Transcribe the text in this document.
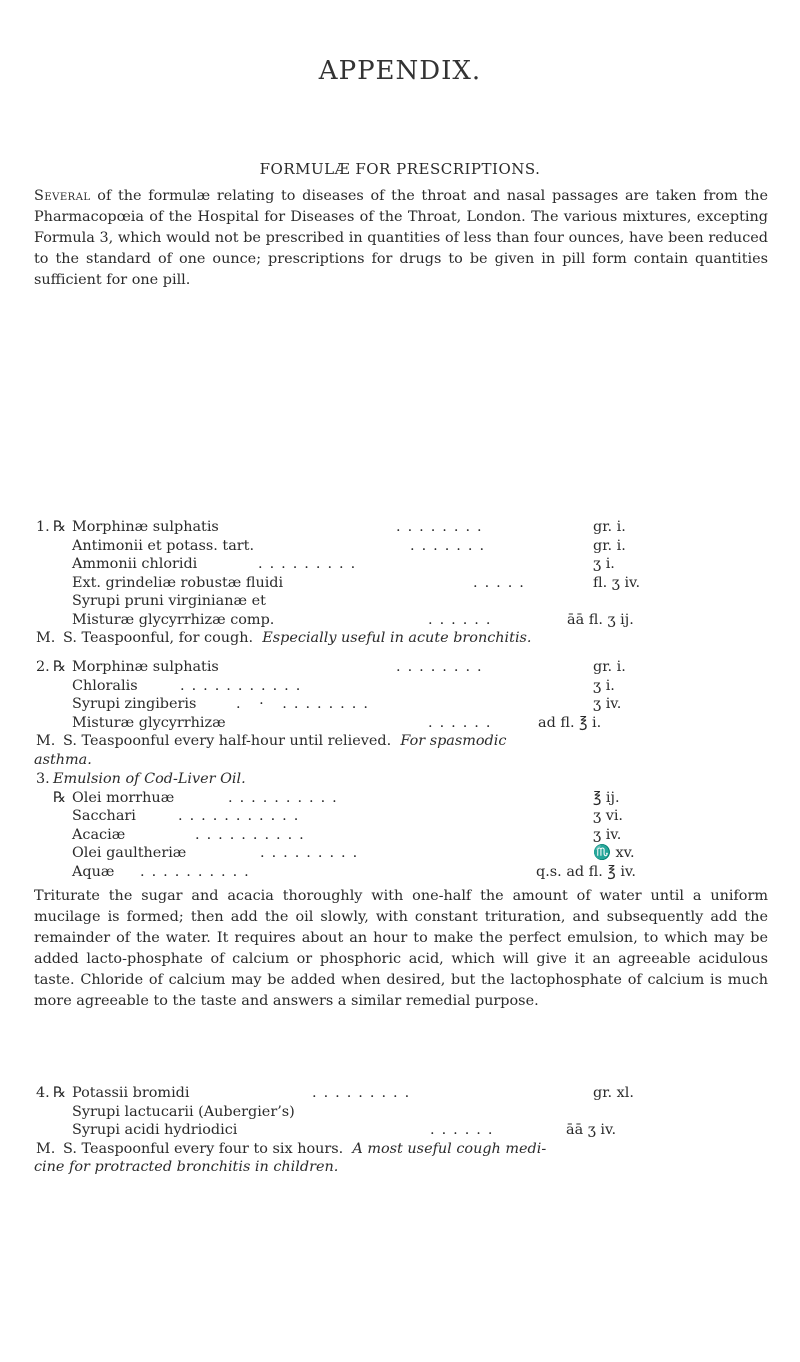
APPENDIX.
FORMULÆ FOR PRESCRIPTIONS.

Several of the formulæ relating to diseases of the throat and nasal passages are taken from the Pharmacopœia of the Hospital for Diseases of the Throat, London. The various mixtures, excepting Formula 3, which would not be prescribed in quantities of less than four ounces, have been reduced to the standard of one ounce; prescriptions for drugs to be given in pill form contain quantities sufficient for one pill.

1. ℞ Morphinæ sulphatis	........	gr. i.
Antimonii et potass. tart.	.......	gr. i.
Ammonii chloridi	.........	ʒ i.
Ext. grindeliæ robustæ fluidi	.....	fl. ʒ iv.
Syrupi pruni virginianæ et
Misturæ glycyrrhizæ comp.	......	āā fl. ʒ ij.
M. S. Teaspoonful, for cough. Especially useful in acute bronchitis.
2. ℞ Morphinæ sulphatis	........	gr. i.
Chloralis	...........	ʒ i.
Syrupi zingiberis	. · ........	ʒ iv.
Misturæ glycyrrhizæ	......	ad fl. ℥ i.
M. S. Teaspoonful every half-hour until relieved. For spasmodic
asthma.
3. Emulsion of Cod-Liver Oil.
℞ Olei morrhuæ	..........	℥ ij.
Sacchari	...........	ʒ vi.
Acaciæ	..........	ʒ iv.
Olei gaultheriæ	.........	♏ xv.
Aquæ ..........	q.s. ad fl. ℥ iv.

Triturate the sugar and acacia thoroughly with one-half the amount of water until a uniform mucilage is formed; then add the oil slowly, with constant trituration, and subsequently add the remainder of the water. It requires about an hour to make the perfect emulsion, to which may be added lacto-phosphate of calcium or phosphoric acid, which will give it an agreeable acidulous taste. Chloride of calcium may be added when desired, but the lactophosphate of calcium is much more agreeable to the taste and answers a similar remedial purpose.

4. ℞ Potassii bromidi	.........	gr. xl.
Syrupi lactucarii (Aubergier’s)
Syrupi acidi hydriodici	......	āā ʒ iv.
M. S. Teaspoonful every four to six hours. A most useful cough medi-
cine for protracted bronchitis in children.
